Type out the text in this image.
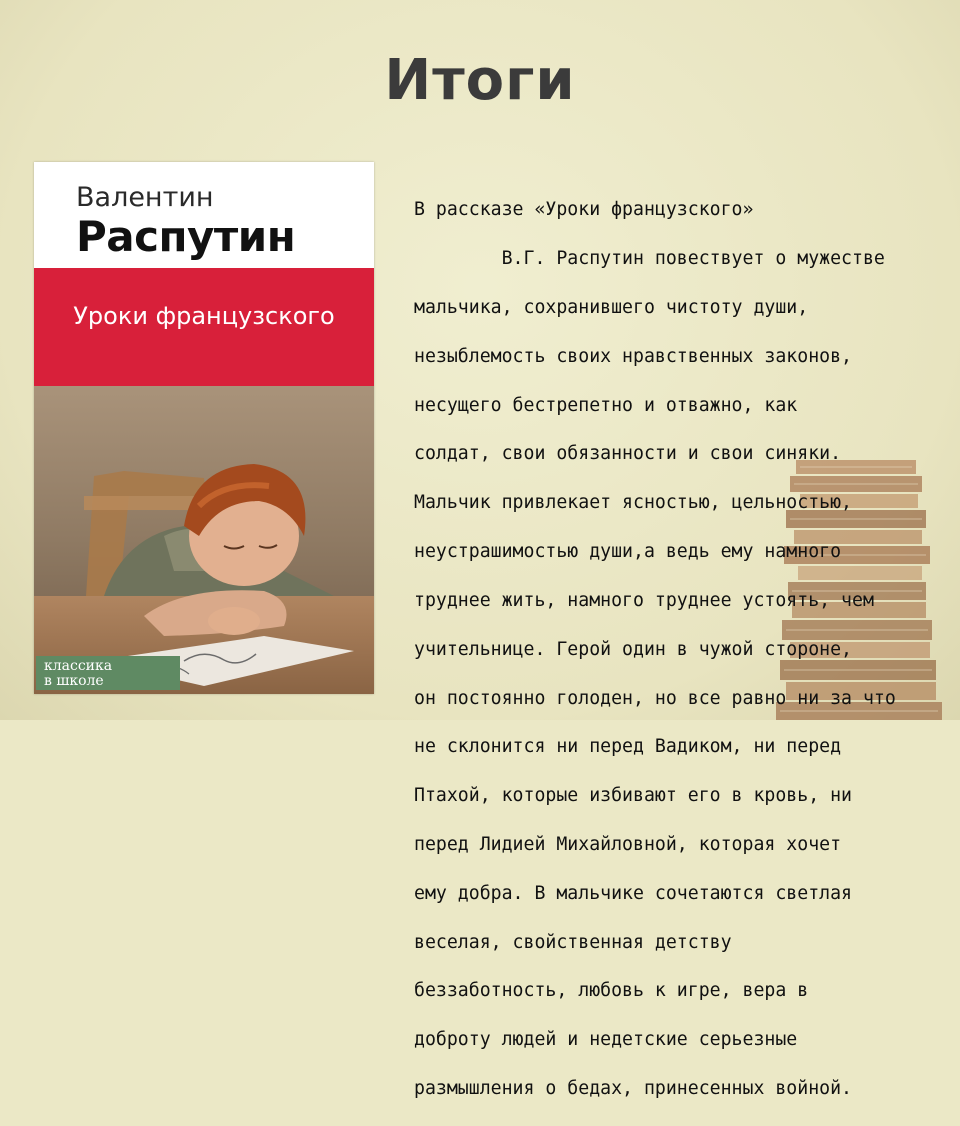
Итоги
Валентин
Распутин
Уроки французского
классика
в школе

В рассказе «Уроки французского»

В.Г. Распутин повествует о мужестве

мальчика, сохранившего чистоту души,

незыблемость своих нравственных законов,

несущего бестрепетно и отважно, как

солдат, свои обязанности и свои синяки.

Мальчик привлекает ясностью, цельностью,

неустрашимостью души,а ведь ему намного

труднее жить, намного труднее устоять, чем

учительнице. Герой один в чужой стороне,

он постоянно голоден, но все равно ни за что

не склонится ни перед Вадиком, ни перед

Птахой, которые избивают его в кровь, ни

перед Лидией Михайловной, которая хочет

ему добра. В мальчике сочетаются светлая

веселая, свойственная детству

беззаботность, любовь к игре, вера в

доброту людей и недетские серьезные

размышления о бедах, принесенных войной.
